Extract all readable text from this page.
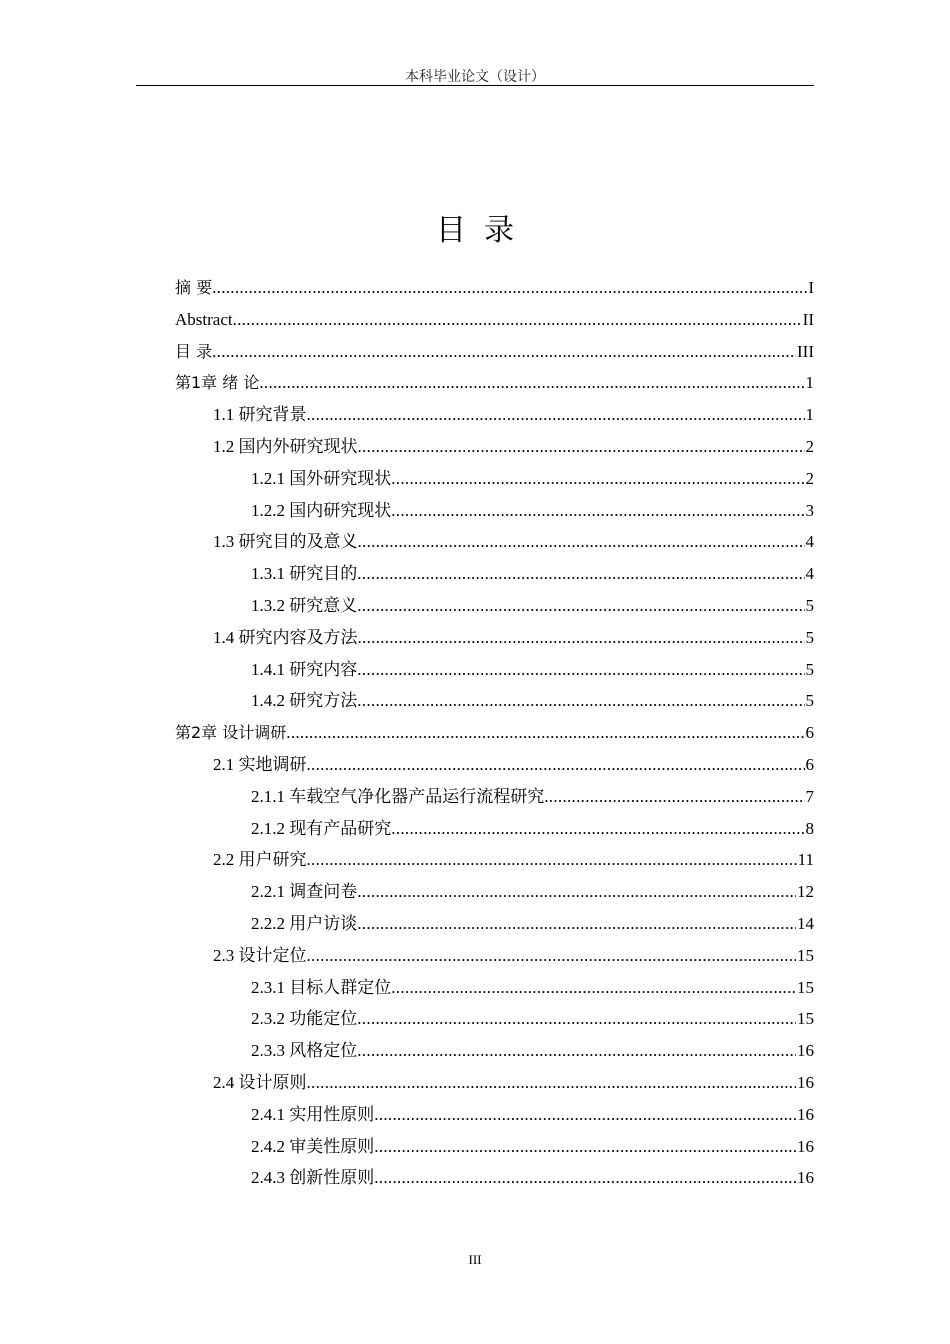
本科毕业论文（设计）
目录
摘 要 .....	I
Abstract .....	II
目 录 .....	III
第1章 绪 论 .....	1
1.1 研究背景 .....	1
1.2 国内外研究现状 .....	2
1.2.1 国外研究现状 .....	2
1.2.2 国内研究现状 .....	3
1.3 研究目的及意义 .....	4
1.3.1 研究目的 .....	4
1.3.2 研究意义 .....	5
1.4 研究内容及方法 .....	5
1.4.1 研究内容 .....	5
1.4.2 研究方法 .....	5
第2章 设计调研 .....	6
2.1 实地调研 .....	6
2.1.1 车载空气净化器产品运行流程研究 .....	7
2.1.2 现有产品研究 .....	8
2.2 用户研究 .....	11
2.2.1 调查问卷 .....	12
2.2.2 用户访谈 .....	14
2.3 设计定位 .....	15
2.3.1 目标人群定位 .....	15
2.3.2 功能定位 .....	15
2.3.3 风格定位 .....	16
2.4 设计原则 .....	16
2.4.1 实用性原则 .....	16
2.4.2 审美性原则 .....	16
2.4.3 创新性原则 .....	16
III
